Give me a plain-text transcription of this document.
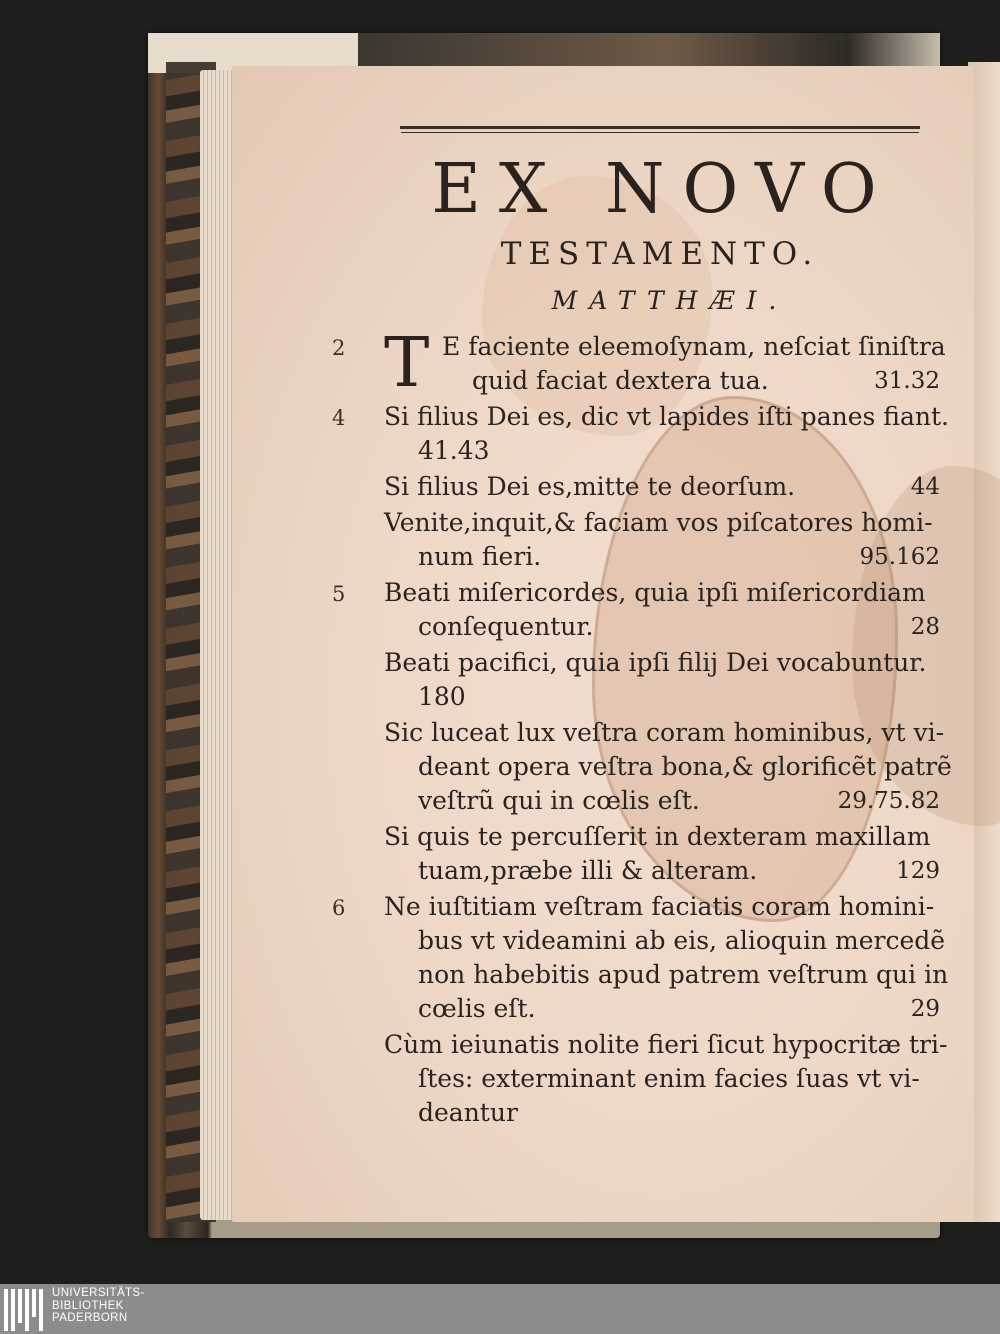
EX NOVO
TESTAMENTO.
MATTHÆI.
2 T E faciente eleemoſynam, neſciat ſiniſtra
quid faciat dextera tua.	31.32
4	Si filius Dei es, dic vt lapides iſti panes fiant.
41.43
Si filius Dei es,mitte te deorſum.	44
Venite,inquit,& faciam vos piſcatores homi-
num fieri.	95.162
5	Beati miſericordes, quia ipſi miſericordiam
conſequentur.	28
Beati pacifici, quia ipſi filij Dei vocabuntur.
180
Sic luceat lux veſtra coram hominibus, vt vi-
deant opera veſtra bona,& glorificẽt patrẽ
veſtrũ qui in cœlis eſt.	29.75.82
Si quis te percuſſerit in dexteram maxillam
tuam,præbe illi & alteram.	129
6	Ne iuſtitiam veſtram faciatis coram homini-
bus vt videamini ab eis, alioquin mercedẽ
non habebitis apud patrem veſtrum qui in
cœlis eſt.	29
Cùm ieiunatis nolite fieri ſicut hypocritæ tri-
ſtes: exterminant enim facies ſuas vt vi-
deantur
UNIVERSITÄTS-
BIBLIOTHEK
PADERBORN
